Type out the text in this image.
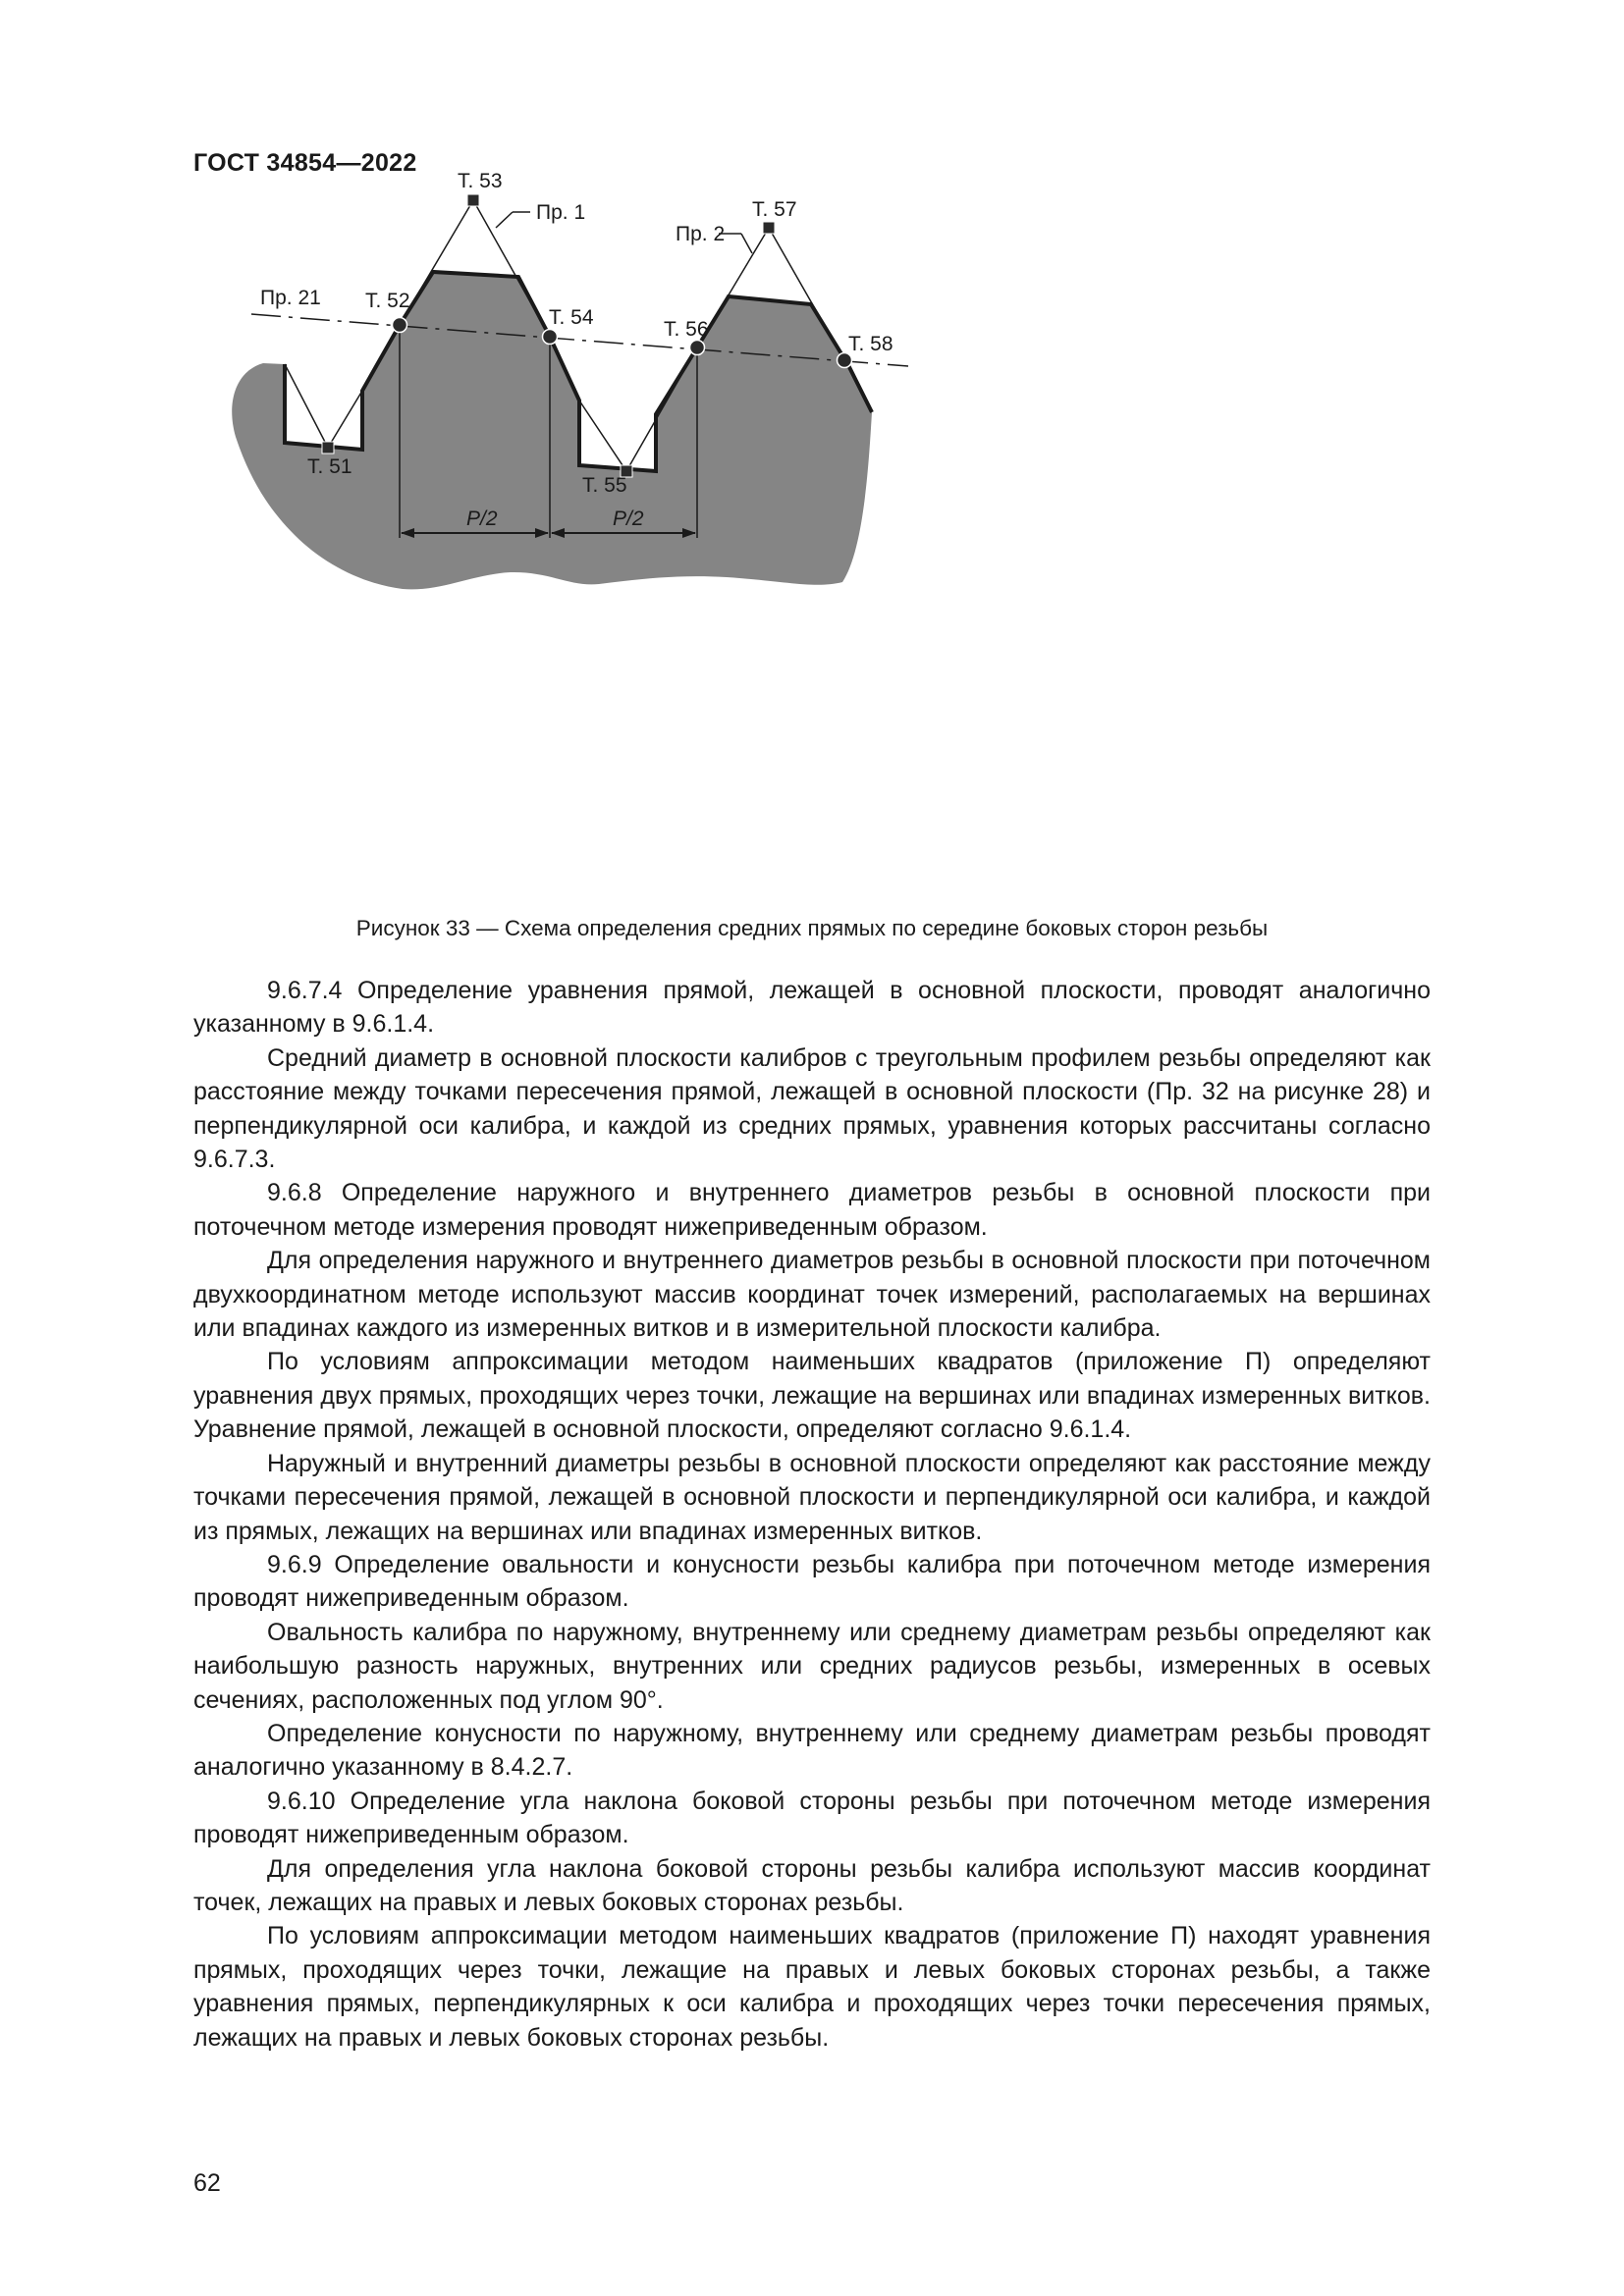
ГОСТ 34854—2022
Т. 53
Пр. 1	Т. 57
Пр. 2
Пр. 21 Т. 52
Т. 54
Т. 56
Т. 58
Т. 51
Т. 55
P/2	P/2
Рисунок 33 — Схема определения средних прямых по середине боковых сторон резьбы

9.6.7.4 Определение уравнения прямой, лежащей в основной плоскости, проводят аналогично указанному в 9.6.1.4.

Средний диаметр в основной плоскости калибров с треугольным профилем резьбы определяют как расстояние между точками пересечения прямой, лежащей в основной плоскости (Пр. 32 на рисунке 28) и перпендикулярной оси калибра, и каждой из средних прямых, уравнения которых рассчитаны согласно 9.6.7.3.

9.6.8 Определение наружного и внутреннего диаметров резьбы в основной плоскости при поточечном методе измерения проводят нижеприведенным образом.

Для определения наружного и внутреннего диаметров резьбы в основной плоскости при поточечном двухкоординатном методе используют массив координат точек измерений, располагаемых на вершинах или впадинах каждого из измеренных витков и в измерительной плоскости калибра.

По условиям аппроксимации методом наименьших квадратов (приложение П) определяют уравнения двух прямых, проходящих через точки, лежащие на вершинах или впадинах измеренных витков. Уравнение прямой, лежащей в основной плоскости, определяют согласно 9.6.1.4.

Наружный и внутренний диаметры резьбы в основной плоскости определяют как расстояние между точками пересечения прямой, лежащей в основной плоскости и перпендикулярной оси калибра, и каждой из прямых, лежащих на вершинах или впадинах измеренных витков.

9.6.9 Определение овальности и конусности резьбы калибра при поточечном методе измерения проводят нижеприведенным образом.

Овальность калибра по наружному, внутреннему или среднему диаметрам резьбы определяют как наибольшую разность наружных, внутренних или средних радиусов резьбы, измеренных в осевых сечениях, расположенных под углом 90°.

Определение конусности по наружному, внутреннему или среднему диаметрам резьбы проводят аналогично указанному в 8.4.2.7.

9.6.10 Определение угла наклона боковой стороны резьбы при поточечном методе измерения проводят нижеприведенным образом.

Для определения угла наклона боковой стороны резьбы калибра используют массив координат точек, лежащих на правых и левых боковых сторонах резьбы.

По условиям аппроксимации методом наименьших квадратов (приложение П) находят уравнения прямых, проходящих через точки, лежащие на правых и левых боковых сторонах резьбы, а также уравнения прямых, перпендикулярных к оси калибра и проходящих через точки пересечения прямых, лежащих на правых и левых боковых сторонах резьбы.

62
